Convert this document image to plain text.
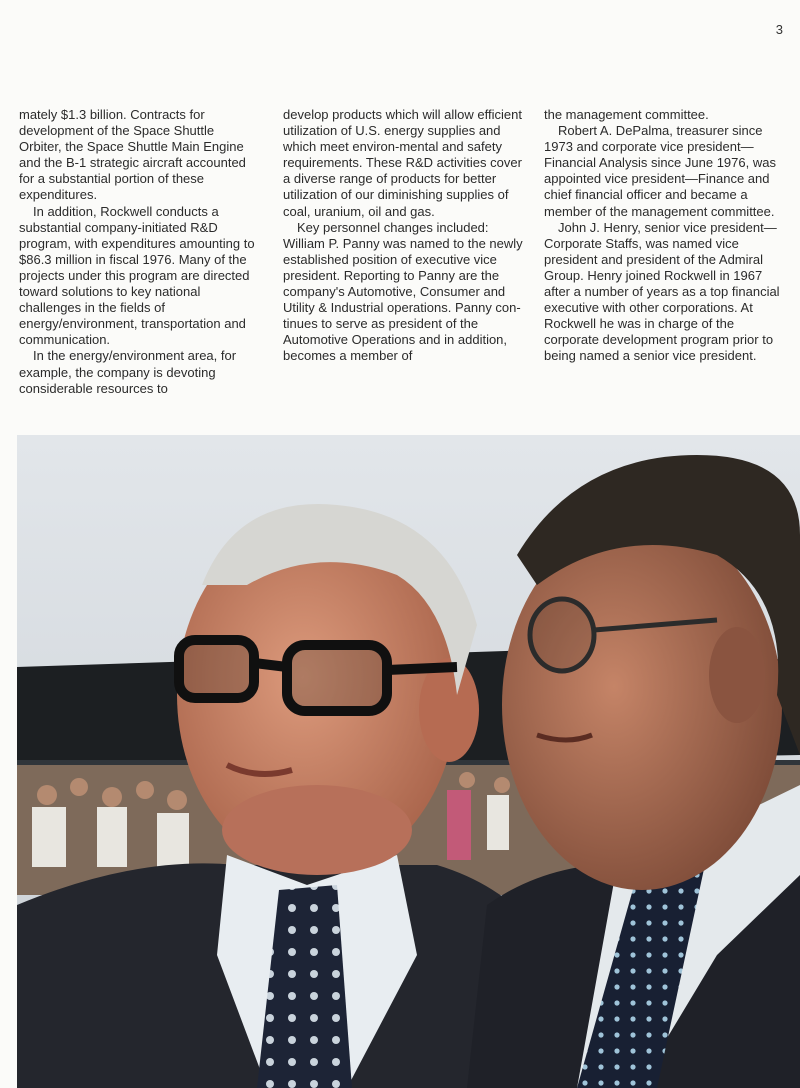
3

mately $1.3 billion. Contracts for development of the Space Shuttle Orbiter, the Space Shuttle Main Engine and the B-1 strategic aircraft accounted for a substantial portion of these expenditures.

In addition, Rockwell conducts a substantial company-initiated R&D program, with expenditures amounting to $86.3 million in fiscal 1976. Many of the projects under this program are directed toward solutions to key national challenges in the fields of energy/environment, transportation and communication.

In the energy/environment area, for example, the company is devoting considerable resources to

develop products which will allow efficient utilization of U.S. energy supplies and which meet environ-mental and safety requirements. These R&D activities cover a diverse range of products for better utilization of our diminishing supplies of coal, uranium, oil and gas.

Key personnel changes included: William P. Panny was named to the newly established position of executive vice president. Reporting to Panny are the company's Automotive, Consumer and Utility & Industrial operations. Panny con-tinues to serve as president of the Automotive Operations and in addition, becomes a member of

the management committee.

Robert A. DePalma, treasurer since 1973 and corporate vice president—Financial Analysis since June 1976, was appointed vice president—Finance and chief financial officer and became a member of the management committee.

John J. Henry, senior vice president—Corporate Staffs, was named vice president and president of the Admiral Group. Henry joined Rockwell in 1967 after a number of years as a top financial executive with other corporations. At Rockwell he was in charge of the corporate development program prior to being named a senior vice president.
